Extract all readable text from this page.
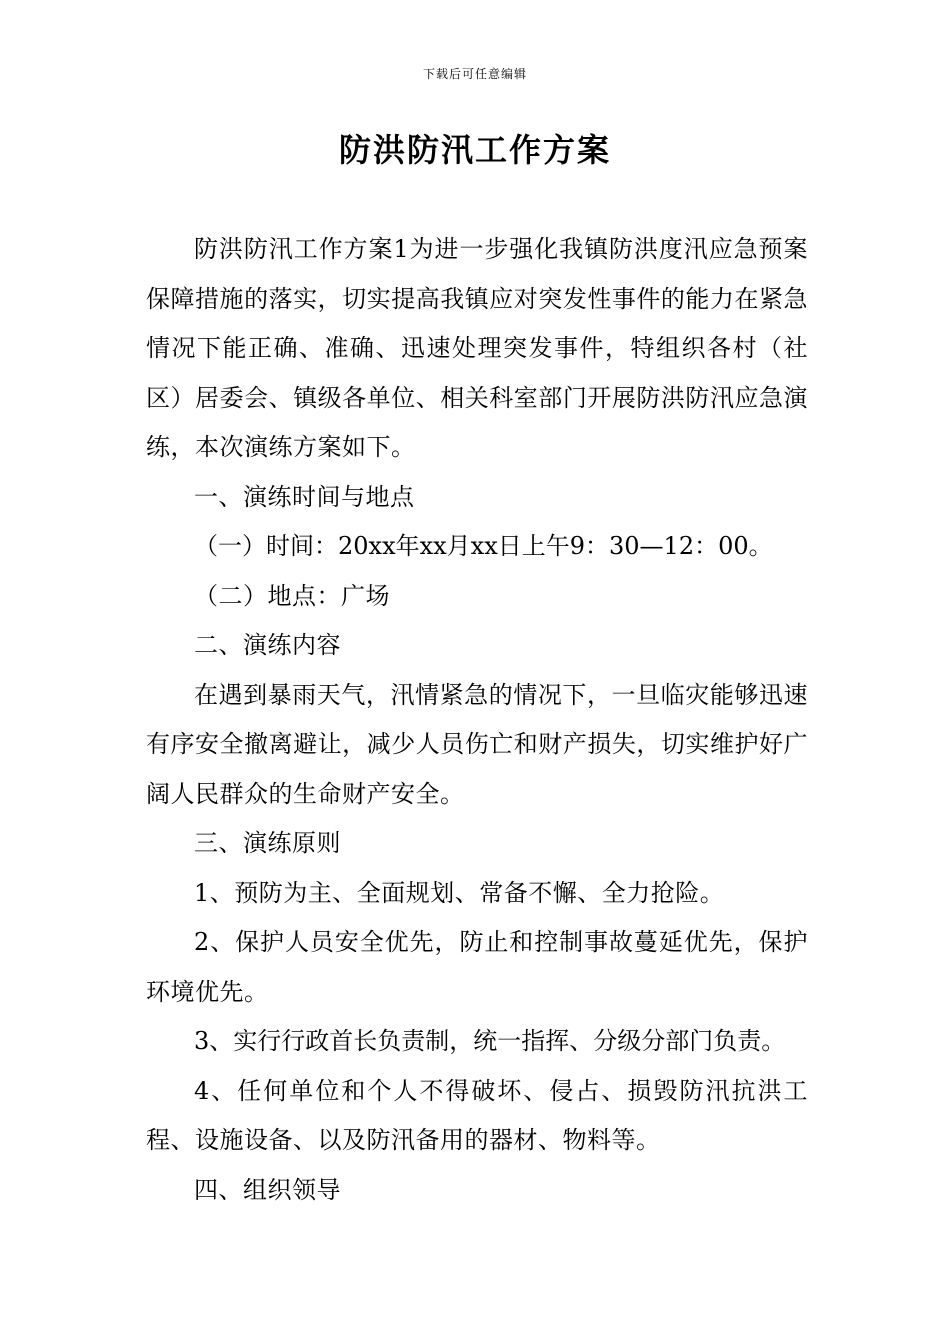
下载后可任意编辑
防洪防汛工作方案

防洪防汛工作方案1为进一步强化我镇防洪度汛应急预案保障措施的落实，切实提高我镇应对突发性事件的能力在紧急情况下能正确、准确、迅速处理突发事件，特组织各村（社区）居委会、镇级各单位、相关科室部门开展防洪防汛应急演练，本次演练方案如下。

一、演练时间与地点

（一）时间：20xx年xx月xx日上午9：30—12：00。

（二）地点：广场

二、演练内容

在遇到暴雨天气，汛情紧急的情况下，一旦临灾能够迅速有序安全撤离避让，减少人员伤亡和财产损失，切实维护好广阔人民群众的生命财产安全。

三、演练原则

1、预防为主、全面规划、常备不懈、全力抢险。

2、保护人员安全优先，防止和控制事故蔓延优先，保护环境优先。

3、实行行政首长负责制，统一指挥、分级分部门负责。

4、任何单位和个人不得破坏、侵占、损毁防汛抗洪工程、设施设备、以及防汛备用的器材、物料等。

四、组织领导
